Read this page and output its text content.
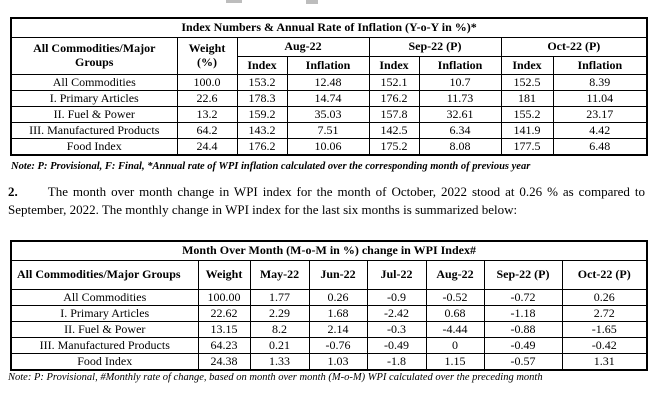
Index Numbers & Annual Rate of Inflation (Y-o-Y in %)*							

All Commodities/Major
Groups	Weight
(%)	Aug-22		Sep-22 (P)		Oct-22 (P)	
		Index	Inflation	Index	Inflation	Index	Inflation
All Commodities	100.0	153.2	12.48	152.1	10.7	152.5	8.39
I. Primary Articles	22.6	178.3	14.74	176.2	11.73	181	11.04
II. Fuel & Power	13.2	159.2	35.03	157.8	32.61	155.2	23.17
III. Manufactured Products	64.2	143.2	7.51	142.5	6.34	141.9	4.42
Food Index	24.4	176.2	10.06	175.2	8.08	177.5	6.48
Note: P: Provisional, F: Final, *Annual rate of WPI inflation calculated over the corresponding month of previous year
2. The month over month change in WPI index for the month of October, 2022 stood at 0.26 % as compared to September, 2022. The monthly change in WPI index for the last six months is summarized below:
Month Over Month (M-o-M in %) change in WPI Index#							
All Commodities/Major Groups	Weight	May-22	Jun-22	Jul-22	Aug-22	Sep-22 (P)	Oct-22 (P)
All Commodities	100.00	1.77	0.26	-0.9	-0.52	-0.72	0.26
I. Primary Articles	22.62	2.29	1.68	-2.42	0.68	-1.18	2.72
II. Fuel & Power	13.15	8.2	2.14	-0.3	-4.44	-0.88	-1.65
III. Manufactured Products	64.23	0.21	-0.76	-0.49	0	-0.49	-0.42
Food Index	24.38	1.33	1.03	-1.8	1.15	-0.57	1.31
Note: P: Provisional, #Monthly rate of change, based on month over month (M-o-M) WPI calculated over the preceding month
